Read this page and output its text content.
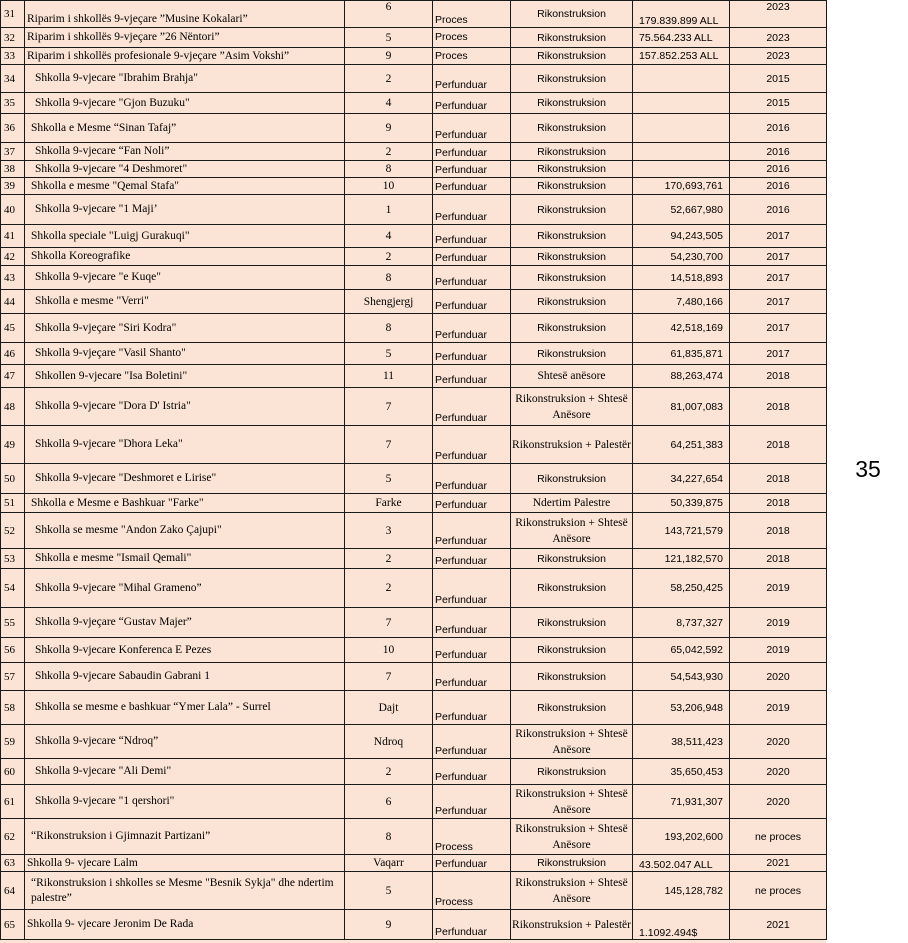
31	Riparim i shkollës 9-vjeçare ”Musine Kokalari”	6	Proces	Rikonstruksion	179.839.899 ALL	2023
32	Riparim i shkollës 9-vjeçare ”26 Nëntori”	5	Proces	Rikonstruksion	75.564.233 ALL	2023
33	Riparim i shkollës profesionale 9-vjeçare ”Asim Vokshi”	9	Proces	Rikonstruksion	157.852.253 ALL	2023
34	Shkolla 9-vjecare "Ibrahim Brahja"	2	Perfunduar	Rikonstruksion		2015
35	Shkolla 9-vjecare "Gjon Buzuku"	4	Perfunduar	Rikonstruksion		2015
36	Shkolla e Mesme “Sinan Tafaj”	9	Perfunduar	Rikonstruksion		2016
37	Shkolla 9-vjecare “Fan Noli”	2	Perfunduar	Rikonstruksion		2016
38	Shkolla 9-vjecare "4 Deshmoret"	8	Perfunduar	Rikonstruksion		2016
39	Shkolla e mesme "Qemal Stafa"	10	Perfunduar	Rikonstruksion	170,693,761	2016
40	Shkolla 9-vjecare "1 Maji’	1	Perfunduar	Rikonstruksion	52,667,980	2016
41	Shkolla speciale "Luigj Gurakuqi"	4	Perfunduar	Rikonstruksion	94,243,505	2017
42	Shkolla Koreografike	2	Perfunduar	Rikonstruksion	54,230,700	2017
43	Shkolla 9-vjecare "e Kuqe"	8	Perfunduar	Rikonstruksion	14,518,893	2017
44	Shkolla e mesme "Verri"	Shengjergj	Perfunduar	Rikonstruksion	7,480,166	2017
45	Shkolla 9-vjeçare "Siri Kodra"	8	Perfunduar	Rikonstruksion	42,518,169	2017
46	Shkolla 9-vjeçare "Vasil Shanto"	5	Perfunduar	Rikonstruksion	61,835,871	2017
47	Shkollen 9-vjecare "Isa Boletini"	11	Perfunduar	Shtesë anësore	88,263,474	2018
48	Shkolla 9-vjecare "Dora D' Istria"	7	Perfunduar	Rikonstruksion + Shtesë Anësore	81,007,083	2018
49	Shkolla 9-vjecare "Dhora Leka"	7	Perfunduar	Rikonstruksion + Palestër	64,251,383	2018
50	Shkolla 9-vjecare "Deshmoret e Lirise"	5	Perfunduar	Rikonstruksion	34,227,654	2018
51	Shkolla e Mesme e Bashkuar "Farke"	Farke	Perfunduar	Ndertim Palestre	50,339,875	2018
52	Shkolla se mesme "Andon Zako Çajupi"	3	Perfunduar	Rikonstruksion + Shtesë Anësore	143,721,579	2018
53	Shkolla e mesme "Ismail Qemali"	2	Perfunduar	Rikonstruksion	121,182,570	2018
54	Shkolla 9-vjecare "Mihal Grameno”	2	Perfunduar	Rikonstruksion	58,250,425	2019
55	Shkolla 9-vjeçare “Gustav Majer”	7	Perfunduar	Rikonstruksion	8,737,327	2019
56	Shkolla 9-vjecare Konferenca E Pezes	10	Perfunduar	Rikonstruksion	65,042,592	2019
57	Shkolla 9-vjecare Sabaudin Gabrani 1	7	Perfunduar	Rikonstruksion	54,543,930	2020
58	Shkolla se mesme e bashkuar “Ymer Lala” - Surrel	Dajt	Perfunduar	Rikonstruksion	53,206,948	2019
59	Shkolla 9-vjecare “Ndroq”	Ndroq	Perfunduar	Rikonstruksion + Shtesë Anësore	38,511,423	2020
60	Shkolla 9-vjecare "Ali Demi"	2	Perfunduar	Rikonstruksion	35,650,453	2020
61	Shkolla 9-vjecare "1 qershori"	6	Perfunduar	Rikonstruksion + Shtesë Anësore	71,931,307	2020
62	“Rikonstruksion i Gjimnazit Partizani”	8	Process	Rikonstruksion + Shtesë Anësore	193,202,600	ne proces
63	Shkolla 9- vjecare Lalm	Vaqarr	Perfunduar	Rikonstruksion	43.502.047 ALL	2021
64	“Rikonstruksion i shkolles se Mesme "Besnik Sykja" dhe ndertim palestre”	5	Process	Rikonstruksion + Shtesë Anësore	145,128,782	ne proces
65	Shkolla 9- vjecare Jeronim De Rada	9	Perfunduar	Rikonstruksion + Palestër	1.1092.494$	2021
35
